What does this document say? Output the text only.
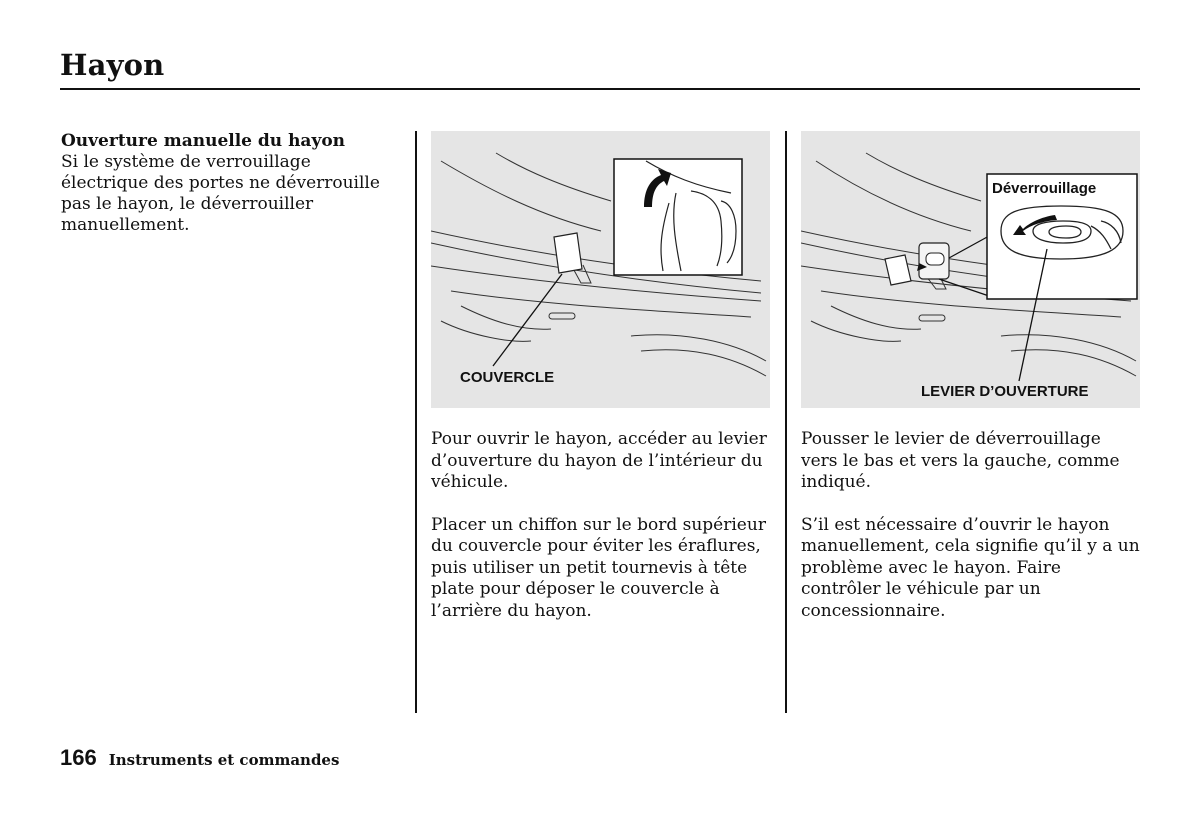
Hayon
Ouverture manuelle du hayon
Si le système de verrouillage électrique des portes ne déverrouille pas le hayon, le déverrouiller manuellement.
COUVERCLE
Déverrouillage
LEVIER D’OUVERTURE

Pour ouvrir le hayon, accéder au levier d’ouverture du hayon de l’intérieur du véhicule.

Placer un chiffon sur le bord supérieur du couvercle pour éviter les éraflures, puis utiliser un petit tournevis à tête plate pour déposer le couvercle à l’arrière du hayon.

Pousser le levier de déverrouillage vers le bas et vers la gauche, comme indiqué.

S’il est nécessaire d’ouvrir le hayon manuellement, cela signifie qu’il y a un problème avec le hayon. Faire contrôler le véhicule par un concessionnaire.

166 Instruments et commandes
